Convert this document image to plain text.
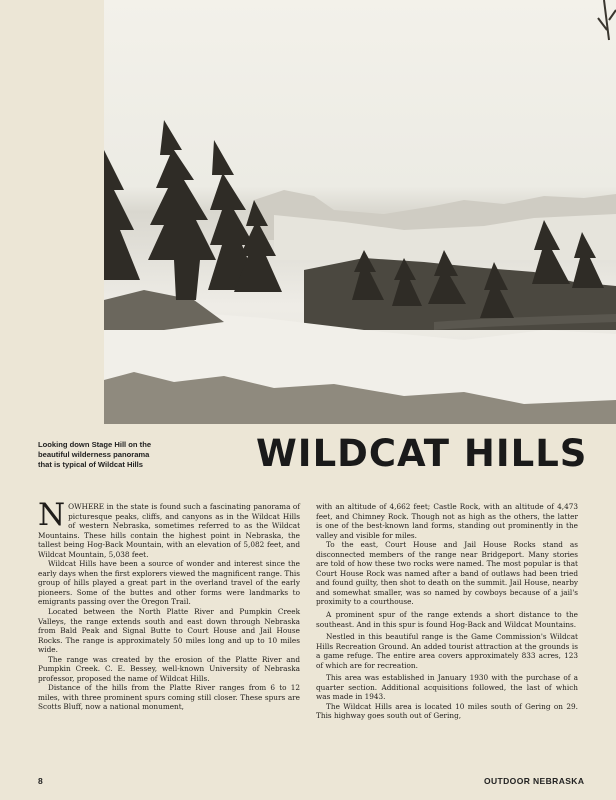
Looking down Stage Hill on the
beautiful wilderness panorama
that is typical of Wildcat Hills	WILDCAT HILLS

NOWHERE in the state is found such a fascinating panorama of picturesque peaks, cliffs, and canyons as in the Wildcat Hills of western Nebraska, sometimes referred to as the Wildcat Mountains. These hills contain the highest point in Nebraska, the tallest being Hog-Back Mountain, with an elevation of 5,082 feet, and Wildcat Mountain, 5,038 feet.

Wildcat Hills have been a source of wonder and interest since the early days when the first explorers viewed the magnificent range. This group of hills played a great part in the overland travel of the early pioneers. Some of the buttes and other forms were landmarks to emigrants passing over the Oregon Trail.

Located between the North Platte River and Pumpkin Creek Valleys, the range extends south and east down through Nebraska from Bald Peak and Signal Butte to Court House and Jail House Rocks. The range is approximately 50 miles long and up to 10 miles wide.

The range was created by the erosion of the Platte River and Pumpkin Creek. C. E. Bessey, well-known University of Nebraska professor, proposed the name of Wildcat Hills.

Distance of the hills from the Platte River ranges from 6 to 12 miles, with three prominent spurs coming still closer. These spurs are Scotts Bluff, now a national monument,

with an altitude of 4,662 feet; Castle Rock, with an altitude of 4,473 feet, and Chimney Rock. Though not as high as the others, the latter is one of the best-known land forms, standing out prominently in the valley and visible for miles.

To the east, Court House and Jail House Rocks stand as disconnected members of the range near Bridgeport. Many stories are told of how these two rocks were named. The most popular is that Court House Rock was named after a band of outlaws had been tried and found guilty, then shot to death on the summit. Jail House, nearby and somewhat smaller, was so named by cowboys because of a jail's proximity to a courthouse.

A prominent spur of the range extends a short distance to the southeast. And in this spur is found Hog-Back and Wildcat Mountains.

Nestled in this beautiful range is the Game Commission's Wildcat Hills Recreation Ground. An added tourist attraction at the grounds is a game refuge. The entire area covers approximately 833 acres, 123 of which are for recreation.

This area was established in January 1930 with the purchase of a quarter section. Additional acquisitions followed, the last of which was made in 1943.

The Wildcat Hills area is located 10 miles south of Gering on 29. This highway goes south out of Gering,

8	OUTDOOR NEBRASKA
